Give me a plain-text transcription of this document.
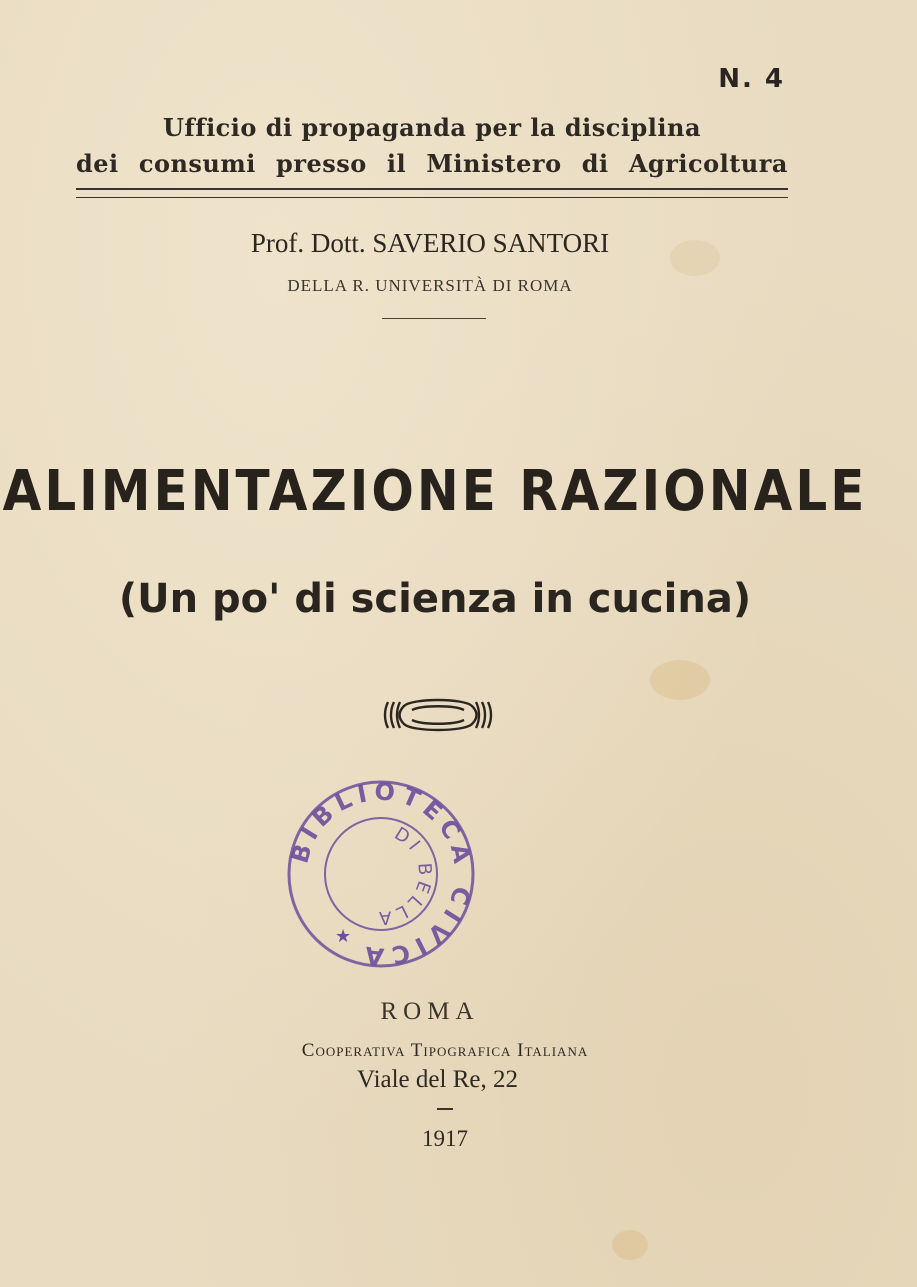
N. 4
Ufficio di propaganda per la disciplina
dei consumi presso il Ministero di Agricoltura
Prof. Dott. SAVERIO SANTORI
DELLA R. UNIVERSITÀ DI ROMA
ALIMENTAZIONE RAZIONALE
(Un po' di scienza in cucina)
BIBLIOTECA CIVICA
DI BELLA
★
ROMA
Cooperativa Tipografica Italiana
Viale del Re, 22
1917
